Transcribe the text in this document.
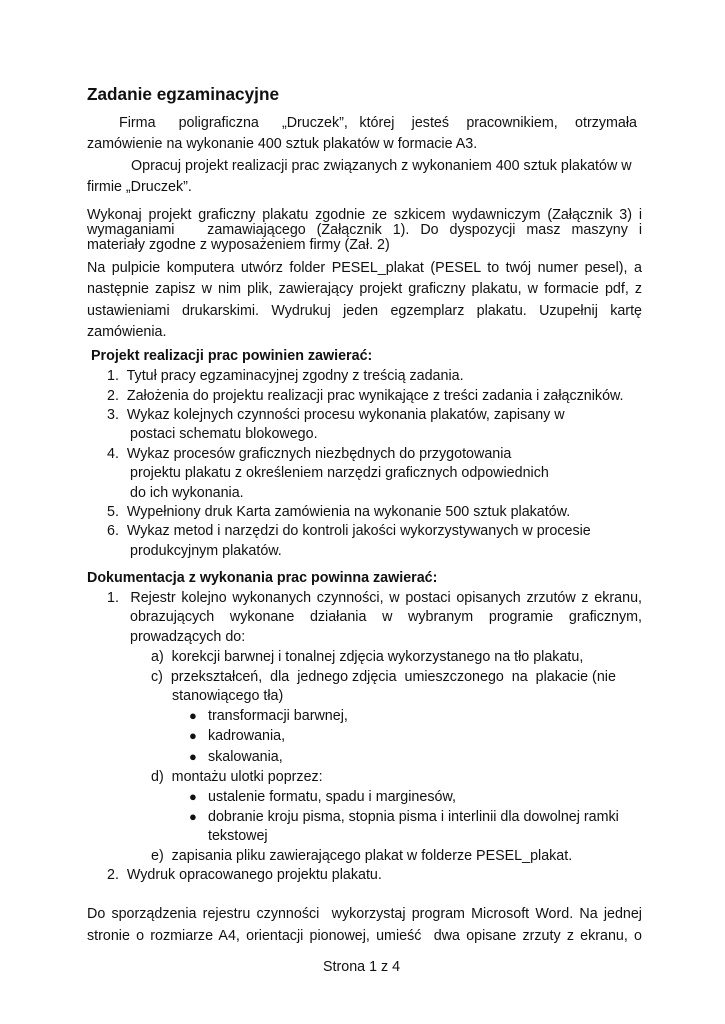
Zadanie egzaminacyjne
Firma    poligraficzna    „Druczek”,  której   jesteś   pracownikiem,   otrzymała
zamówienie na wykonanie 400 sztuk plakatów w formacie A3.
Opracuj projekt realizacji prac związanych z wykonaniem 400 sztuk plakatów w
firmie „Druczek”.
Wykonaj projekt graficzny plakatu zgodnie ze szkicem wydawniczym (Załącznik 3) i
wymaganiami      zamawiającego  (Załącznik  1).  Do  dyspozycji  masz  maszyny  i
materiały zgodne z wyposażeniem firmy (Zał. 2)
Na pulpicie komputera utwórz folder PESEL_plakat (PESEL to twój numer pesel), a
następnie zapisz w nim plik, zawierający projekt graficzny plakatu, w formacie pdf, z
ustawieniami  drukarskimi.  Wydrukuj  jeden  egzemplarz  plakatu.  Uzupełnij  kartę
zamówienia.
Projekt realizacji prac powinien zawierać:
1.  Tytuł pracy egzaminacyjnej zgodny z treścią zadania.
2.  Założenia do projektu realizacji prac wynikające z treści zadania i załączników.
3.  Wykaz kolejnych czynności procesu wykonania plakatów, zapisany w
postaci schematu blokowego.
4.  Wykaz procesów graficznych niezbędnych do przygotowania
projektu plakatu z określeniem narzędzi graficznych odpowiednich
do ich wykonania.
5.  Wypełniony druk Karta zamówienia na wykonanie 500 sztuk plakatów.
6.  Wykaz metod i narzędzi do kontroli jakości wykorzystywanych w procesie
produkcyjnym plakatów.
Dokumentacja z wykonania prac powinna zawierać:
1.  Rejestr kolejno wykonanych czynności, w postaci opisanych zrzutów z ekranu,
obrazujących  wykonane  działania  w  wybranym  programie  graficznym,
prowadzących do:
a)  korekcji barwnej i tonalnej zdjęcia wykorzystanego na tło plakatu,
c)  przekształceń,  dla  jednego zdjęcia  umieszczonego  na  plakacie (nie
stanowiącego tła)
● transformacji barwnej,
● kadrowania,
● skalowania,
d)  montażu ulotki poprzez:
● ustalenie formatu, spadu i marginesów,
● dobranie kroju pisma, stopnia pisma i interlinii dla dowolnej ramki
tekstowej
e)  zapisania pliku zawierającego plakat w folderze PESEL_plakat.
2.  Wydruk opracowanego projektu plakatu.
Do sporządzenia rejestru czynności  wykorzystaj program Microsoft Word. Na jednej
stronie o rozmiarze A4, orientacji pionowej, umieść  dwa opisane zrzuty z ekranu, o
Strona 1 z 4
